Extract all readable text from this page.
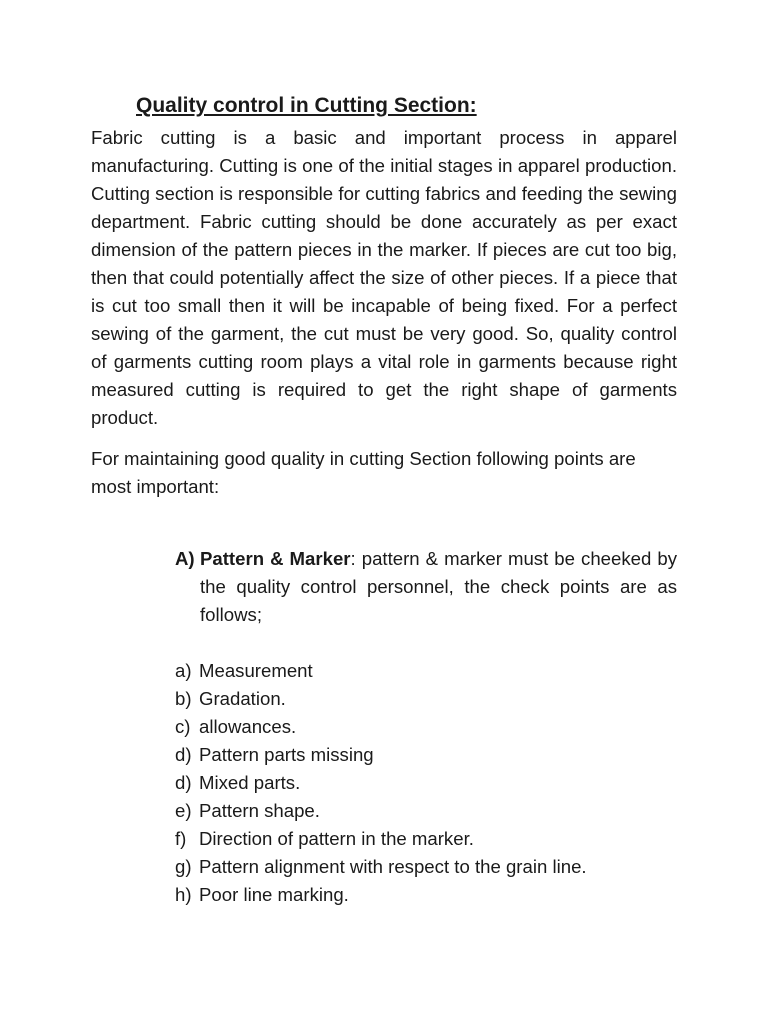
Quality control in Cutting Section:

Fabric cutting is a basic and important process in apparel manufacturing. Cutting is one of the initial stages in apparel production. Cutting section is responsible for cutting fabrics and feeding the sewing department. Fabric cutting should be done accurately as per exact dimension of the pattern pieces in the marker. If pieces are cut too big, then that could potentially affect the size of other pieces. If a piece that is cut too small then it will be incapable of being fixed. For a perfect sewing of the garment, the cut must be very good. So, quality control of garments cutting room plays a vital role in garments because right measured cutting is required to get the right shape of garments product.

For maintaining good quality in cutting Section following points are most important:

A) Pattern & Marker: pattern & marker must be cheeked by the quality control personnel, the check points are as follows;
a) Measurement
b) Gradation.
c) allowances.
d) Pattern parts missing
d) Mixed parts.
e) Pattern shape.
f) Direction of pattern in the marker.
g) Pattern alignment with respect to the grain line.
h) Poor line marking.
